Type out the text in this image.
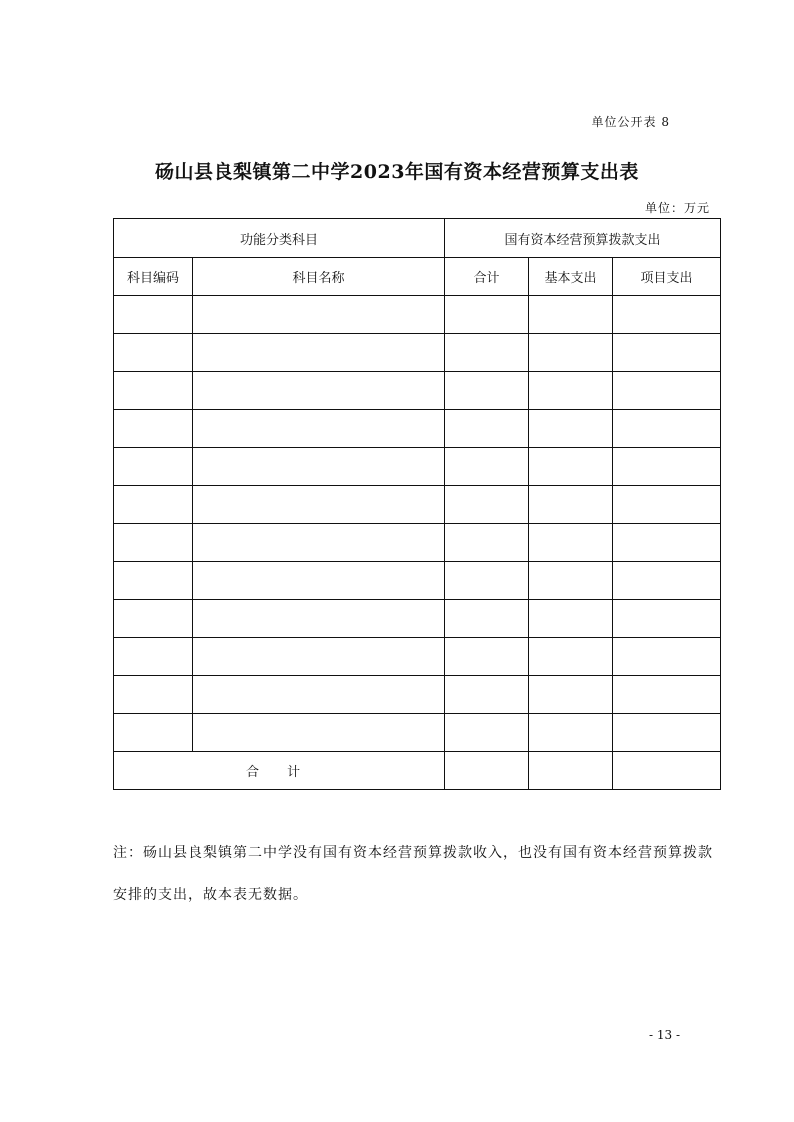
单位公开表 8
砀山县良梨镇第二中学2023年国有资本经营预算支出表
单位：万元
功能分类科目		国有资本经营预算拨款支出		
科目编码	科目名称	合计	基本支出	项目支出

合 计				
注：砀山县良梨镇第二中学没有国有资本经营预算拨款收入，也没有国有资本经营预算拨款安排的支出，故本表无数据。
- 13 -
